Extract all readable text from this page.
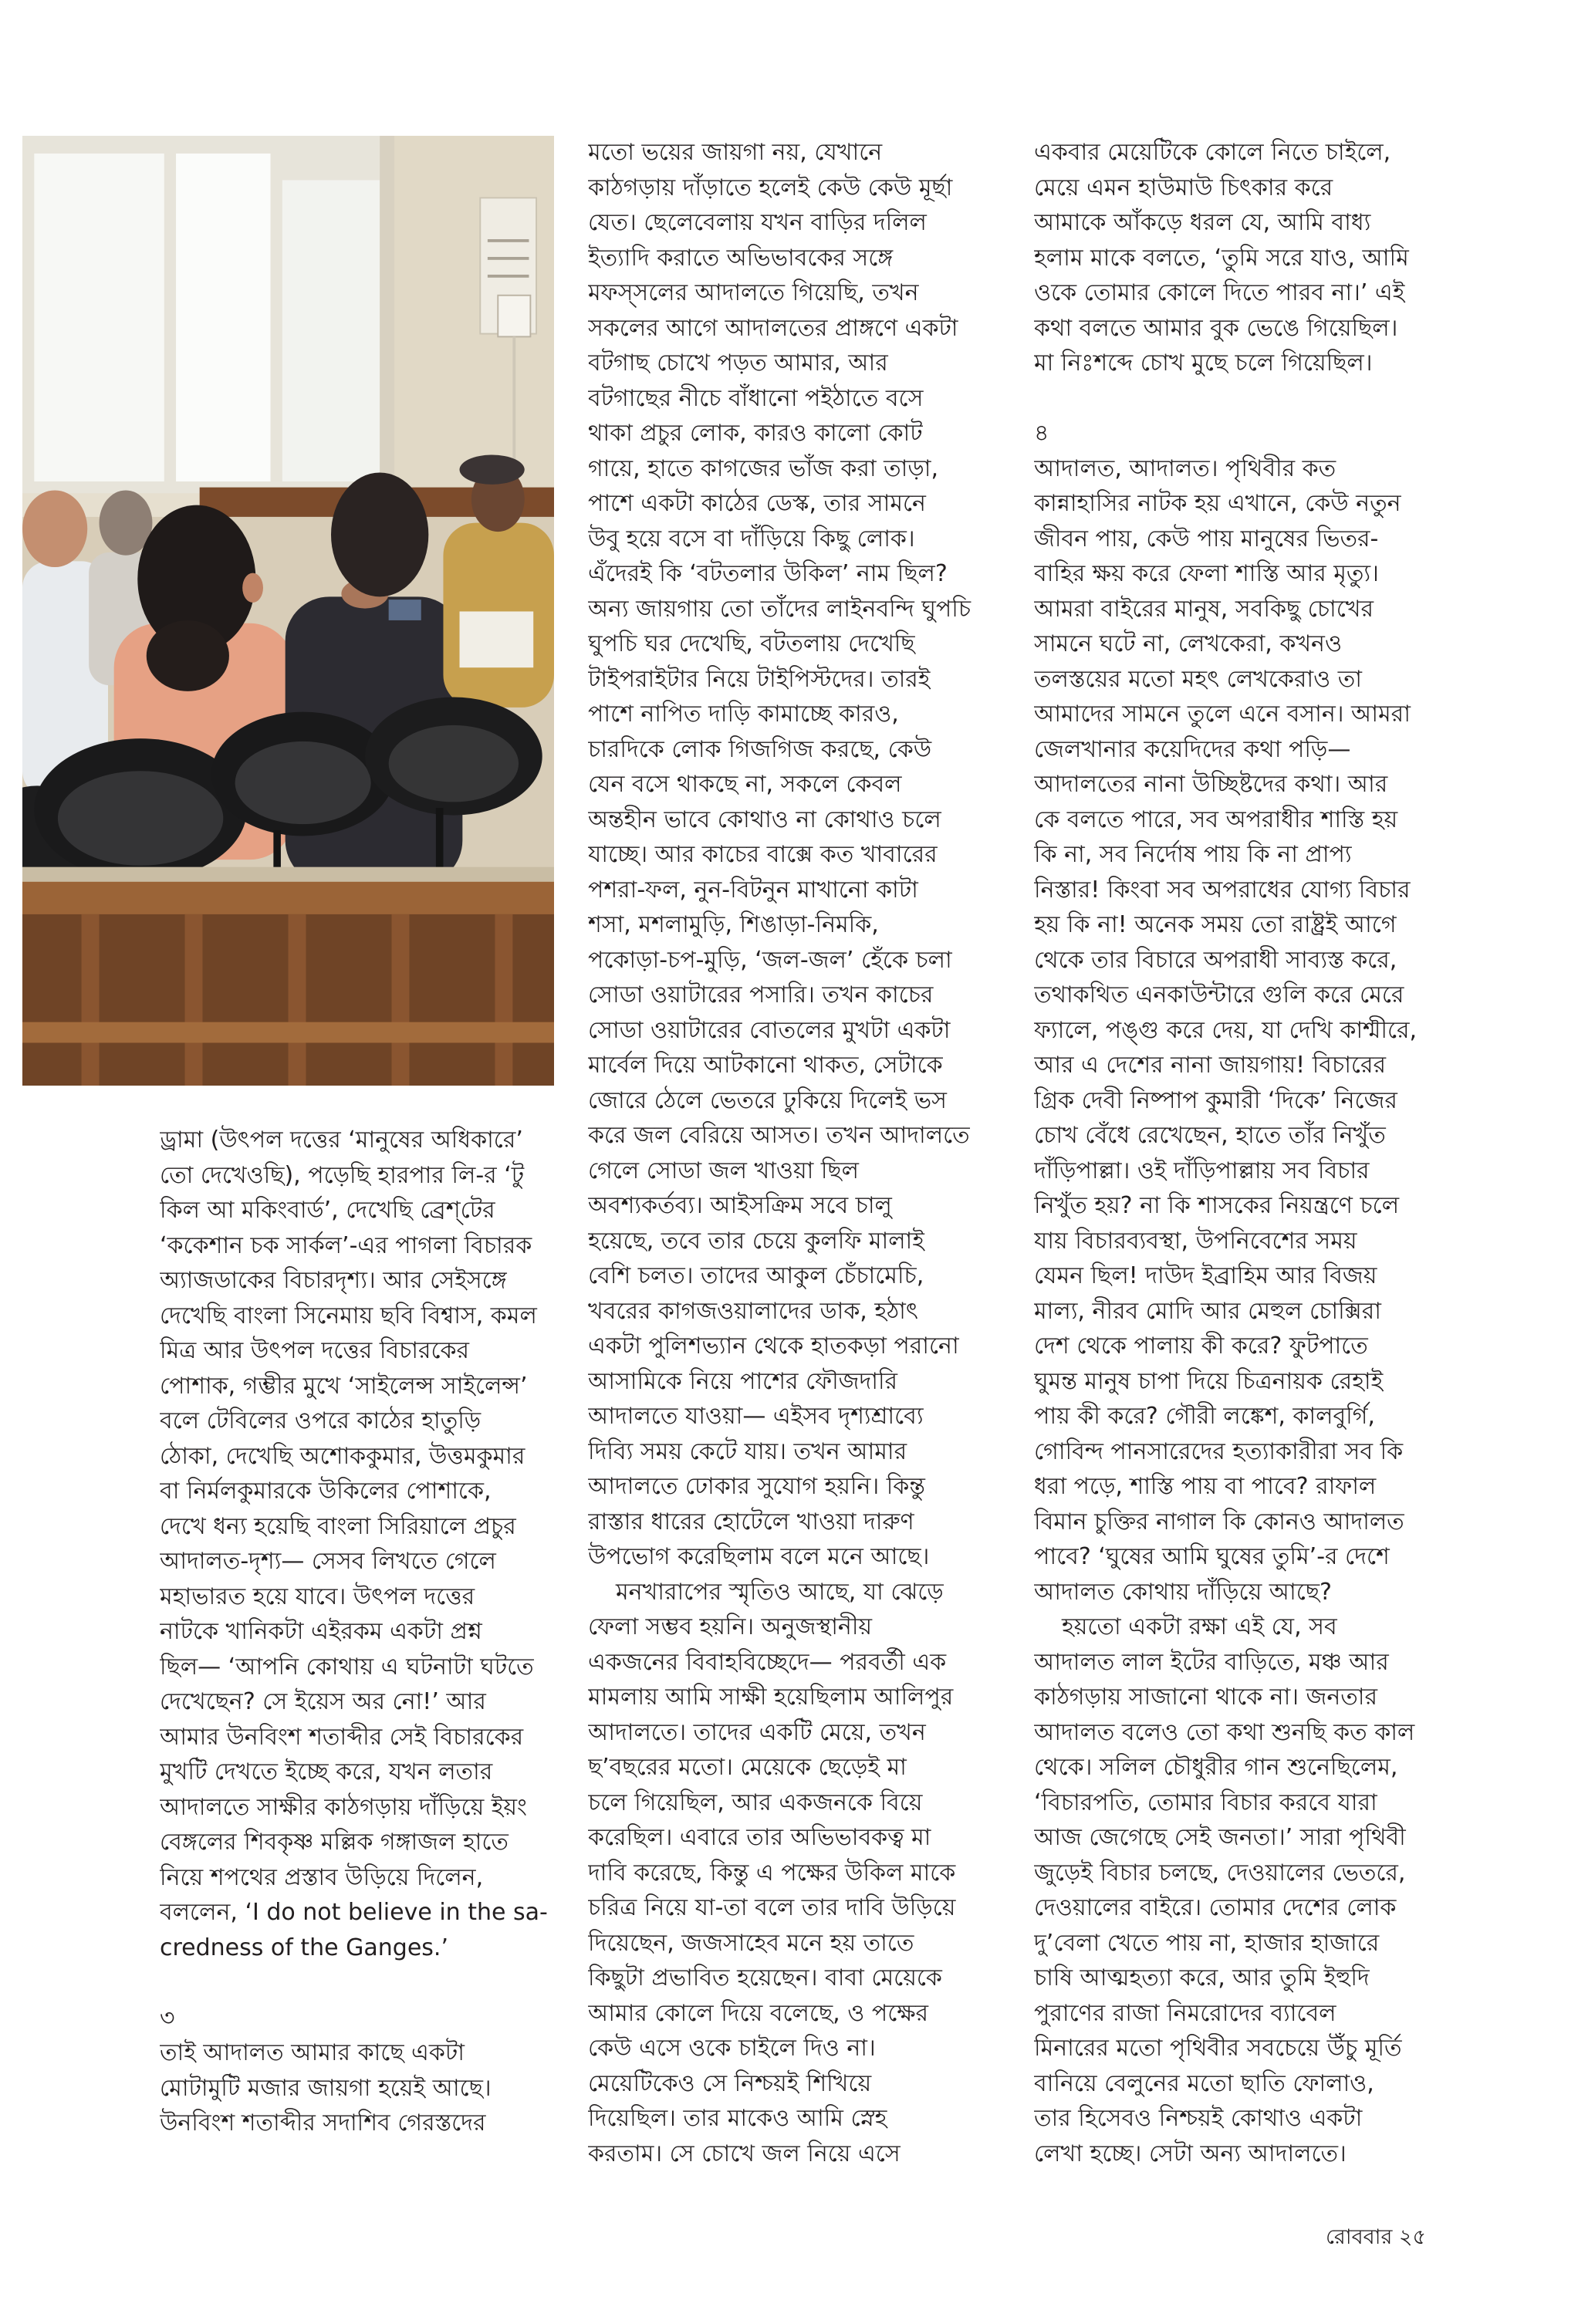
ড্রামা (উৎপল দত্তের ‘মানুষের অধিকারে’
তো দেখেওছি), পড়েছি হারপার লি-র ‘টু
কিল আ মকিংবার্ড’, দেখেছি ব্রেশ্‌টের
‘ককেশান চক সার্কল’-এর পাগলা বিচারক
অ্যাজডাকের বিচারদৃশ্য। আর সেইসঙ্গে
দেখেছি বাংলা সিনেমায় ছবি বিশ্বাস, কমল
মিত্র আর উৎপল দত্তের বিচারকের
পোশাক, গম্ভীর মুখে ‘সাইলেন্স সাইলেন্স’
বলে টেবিলের ওপরে কাঠের হাতুড়ি
ঠোকা, দেখেছি অশোককুমার, উত্তমকুমার
বা নির্মলকুমারকে উকিলের পোশাকে,
দেখে ধন্য হয়েছি বাংলা সিরিয়ালে প্রচুর
আদালত-দৃশ্য— সেসব লিখতে গেলে
মহাভারত হয়ে যাবে। উৎপল দত্তের
নাটকে খানিকটা এইরকম একটা প্রশ্ন
ছিল— ‘আপনি কোথায় এ ঘটনাটা ঘটতে
দেখেছেন? সে ইয়েস অর নো!’ আর
আমার উনবিংশ শতাব্দীর সেই বিচারকের
মুখটি দেখতে ইচ্ছে করে, যখন লতার
আদালতে সাক্ষীর কাঠগড়ায় দাঁড়িয়ে ইয়ং
বেঙ্গলের শিবকৃষ্ণ মল্লিক গঙ্গাজল হাতে
নিয়ে শপথের প্রস্তাব উড়িয়ে দিলেন,
বললেন, ‘I do not believe in the sa-
credness of the Ganges.’
৩
তাই আদালত আমার কাছে একটা
মোটামুটি মজার জায়গা হয়েই আছে।
উনবিংশ শতাব্দীর সদাশিব গেরস্তদের
মতো ভয়ের জায়গা নয়, যেখানে
কাঠগড়ায় দাঁড়াতে হলেই কেউ কেউ মূর্ছা
যেত। ছেলেবেলায় যখন বাড়ির দলিল
ইত্যাদি করাতে অভিভাবকের সঙ্গে
মফস্সলের আদালতে গিয়েছি, তখন
সকলের আগে আদালতের প্রাঙ্গণে একটা
বটগাছ চোখে পড়ত আমার, আর
বটগাছের নীচে বাঁধানো পইঠাতে বসে
থাকা প্রচুর লোক, কারও কালো কোট
গায়ে, হাতে কাগজের ভাঁজ করা তাড়া,
পাশে একটা কাঠের ডেস্ক, তার সামনে
উবু হয়ে বসে বা দাঁড়িয়ে কিছু লোক।
এঁদেরই কি ‘বটতলার উকিল’ নাম ছিল?
অন্য জায়গায় তো তাঁদের লাইনবন্দি ঘুপচি
ঘুপচি ঘর দেখেছি, বটতলায় দেখেছি
টাইপরাইটার নিয়ে টাইপিস্টদের। তারই
পাশে নাপিত দাড়ি কামাচ্ছে কারও,
চারদিকে লোক গিজগিজ করছে, কেউ
যেন বসে থাকছে না, সকলে কেবল
অন্তহীন ভাবে কোথাও না কোথাও চলে
যাচ্ছে। আর কাচের বাক্সে কত খাবারের
পশরা-ফল, নুন-বিটনুন মাখানো কাটা
শসা, মশলামুড়ি, শিঙাড়া-নিমকি,
পকোড়া-চপ-মুড়ি, ‘জল-জল’ হেঁকে চলা
সোডা ওয়াটারের পসারি। তখন কাচের
সোডা ওয়াটারের বোতলের মুখটা একটা
মার্বেল দিয়ে আটকানো থাকত, সেটাকে
জোরে ঠেলে ভেতরে ঢুকিয়ে দিলেই ভস
করে জল বেরিয়ে আসত। তখন আদালতে
গেলে সোডা জল খাওয়া ছিল
অবশ্যকর্তব্য। আইসক্রিম সবে চালু
হয়েছে, তবে তার চেয়ে কুলফি মালাই
বেশি চলত। তাদের আকুল চেঁচামেচি,
খবরের কাগজওয়ালাদের ডাক, হঠাৎ
একটা পুলিশভ্যান থেকে হাতকড়া পরানো
আসামিকে নিয়ে পাশের ফৌজদারি
আদালতে যাওয়া— এইসব দৃশ্যশ্রাব্যে
দিব্যি সময় কেটে যায়। তখন আমার
আদালতে ঢোকার সুযোগ হয়নি। কিন্তু
রাস্তার ধারের হোটেলে খাওয়া দারুণ
উপভোগ করেছিলাম বলে মনে আছে।
মনখারাপের স্মৃতিও আছে, যা ঝেড়ে
ফেলা সম্ভব হয়নি। অনুজস্থানীয়
একজনের বিবাহবিচ্ছেদে— পরবর্তী এক
মামলায় আমি সাক্ষী হয়েছিলাম আলিপুর
আদালতে। তাদের একটি মেয়ে, তখন
ছ’বছরের মতো। মেয়েকে ছেড়েই মা
চলে গিয়েছিল, আর একজনকে বিয়ে
করেছিল। এবারে তার অভিভাবকত্ব মা
দাবি করেছে, কিন্তু এ পক্ষের উকিল মাকে
চরিত্র নিয়ে যা-তা বলে তার দাবি উড়িয়ে
দিয়েছেন, জজসাহেব মনে হয় তাতে
কিছুটা প্রভাবিত হয়েছেন। বাবা মেয়েকে
আমার কোলে দিয়ে বলেছে, ও পক্ষের
কেউ এসে ওকে চাইলে দিও না।
মেয়েটিকেও সে নিশ্চয়ই শিখিয়ে
দিয়েছিল। তার মাকেও আমি স্নেহ
করতাম। সে চোখে জল নিয়ে এসে
একবার মেয়েটিকে কোলে নিতে চাইলে,
মেয়ে এমন হাউমাউ চিৎকার করে
আমাকে আঁকড়ে ধরল যে, আমি বাধ্য
হলাম মাকে বলতে, ‘তুমি সরে যাও, আমি
ওকে তোমার কোলে দিতে পারব না।’ এই
কথা বলতে আমার বুক ভেঙে গিয়েছিল।
মা নিঃশব্দে চোখ মুছে চলে গিয়েছিল।
৪
আদালত, আদালত। পৃথিবীর কত
কান্নাহাসির নাটক হয় এখানে, কেউ নতুন
জীবন পায়, কেউ পায় মানুষের ভিতর-
বাহির ক্ষয় করে ফেলা শাস্তি আর মৃত্যু।
আমরা বাইরের মানুষ, সবকিছু চোখের
সামনে ঘটে না, লেখকেরা, কখনও
তলস্তয়ের মতো মহৎ লেখকেরাও তা
আমাদের সামনে তুলে এনে বসান। আমরা
জেলখানার কয়েদিদের কথা পড়ি—
আদালতের নানা উচ্ছিষ্টদের কথা। আর
কে বলতে পারে, সব অপরাধীর শাস্তি হয়
কি না, সব নির্দোষ পায় কি না প্রাপ্য
নিস্তার! কিংবা সব অপরাধের যোগ্য বিচার
হয় কি না! অনেক সময় তো রাষ্ট্রই আগে
থেকে তার বিচারে অপরাধী সাব্যস্ত করে,
তথাকথিত এনকাউন্টারে গুলি করে মেরে
ফ্যালে, পঙ্গু করে দেয়, যা দেখি কাশ্মীরে,
আর এ দেশের নানা জায়গায়! বিচারের
গ্রিক দেবী নিষ্পাপ কুমারী ‘দিকে’ নিজের
চোখ বেঁধে রেখেছেন, হাতে তাঁর নিখুঁত
দাঁড়িপাল্লা। ওই দাঁড়িপাল্লায় সব বিচার
নিখুঁত হয়? না কি শাসকের নিয়ন্ত্রণে চলে
যায় বিচারব্যবস্থা, উপনিবেশের সময়
যেমন ছিল! দাউদ ইব্রাহিম আর বিজয়
মাল্য, নীরব মোদি আর মেহুল চোক্সিরা
দেশ থেকে পালায় কী করে? ফুটপাতে
ঘুমন্ত মানুষ চাপা দিয়ে চিত্রনায়ক রেহাই
পায় কী করে? গৌরী লঙ্কেশ, কালবুর্গি,
গোবিন্দ পানসারেদের হত্যাকারীরা সব কি
ধরা পড়ে, শাস্তি পায় বা পাবে? রাফাল
বিমান চুক্তির নাগাল কি কোনও আদালত
পাবে? ‘ঘুষের আমি ঘুষের তুমি’-র দেশে
আদালত কোথায় দাঁড়িয়ে আছে?
হয়তো একটা রক্ষা এই যে, সব
আদালত লাল ইটের বাড়িতে, মঞ্চ আর
কাঠগড়ায় সাজানো থাকে না। জনতার
আদালত বলেও তো কথা শুনছি কত কাল
থেকে। সলিল চৌধুরীর গান শুনেছিলেম,
‘বিচারপতি, তোমার বিচার করবে যারা
আজ জেগেছে সেই জনতা।’ সারা পৃথিবী
জুড়েই বিচার চলছে, দেওয়ালের ভেতরে,
দেওয়ালের বাইরে। তোমার দেশের লোক
দু’বেলা খেতে পায় না, হাজার হাজারে
চাষি আত্মহত্যা করে, আর তুমি ইহুদি
পুরাণের রাজা নিমরোদের ব্যাবেল
মিনারের মতো পৃথিবীর সবচেয়ে উঁচু মূর্তি
বানিয়ে বেলুনের মতো ছাতি ফোলাও,
তার হিসেবও নিশ্চয়ই কোথাও একটা
লেখা হচ্ছে। সেটা অন্য আদালতে।
রোববার ২৫
